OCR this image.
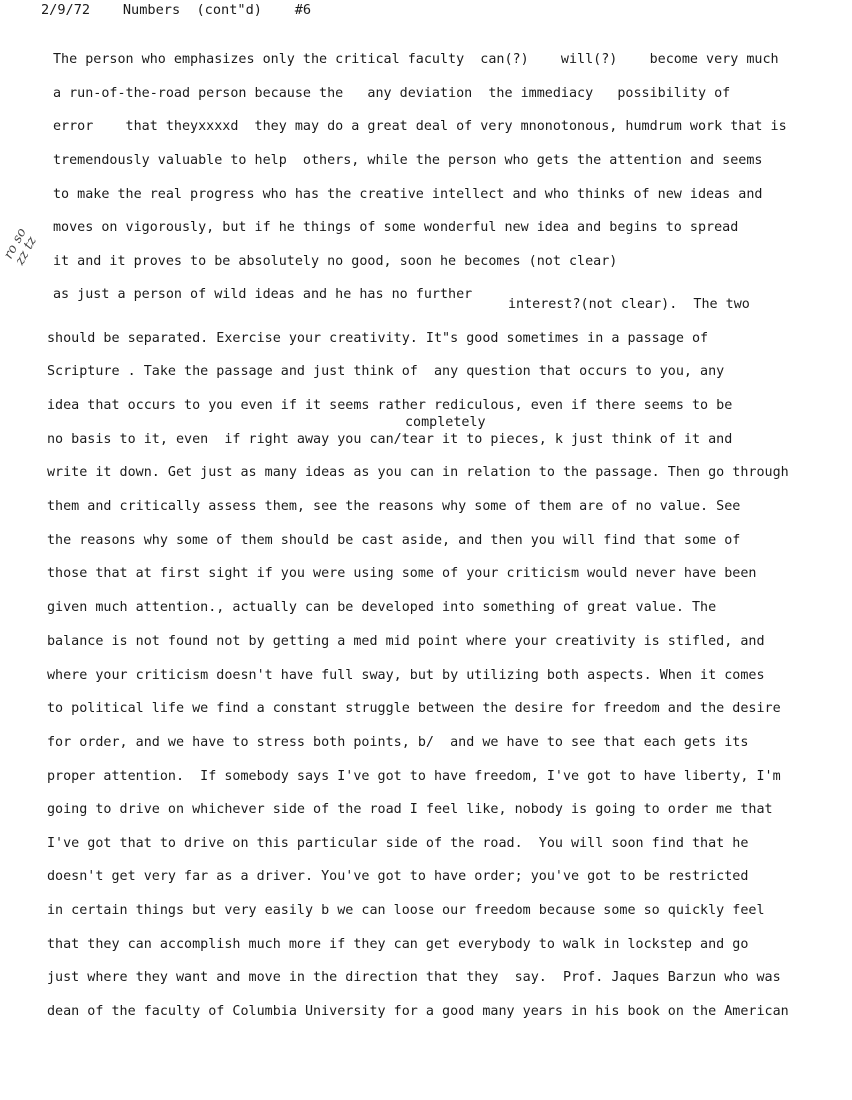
2/9/72    Numbers  (cont"d)    #6
ro so
zz tz
The person who emphasizes only the critical faculty  can(?)    will(?)    become very much
a run-of-the-road person because the   any deviation  the immediacy   possibility of
error    that theyxxxxd  they may do a great deal of very mnonotonous, humdrum work that is
tremendously valuable to help  others, while the person who gets the attention and seems
to make the real progress who has the creative intellect and who thinks of new ideas and
moves on vigorously, but if he things of some wonderful new idea and begins to spread
it and it proves to be absolutely no good, soon he becomes (not clear)
as just a person of wild ideas and he has no further
interest?(not clear).  The two
should be separated. Exercise your creativity. It"s good sometimes in a passage of
Scripture . Take the passage and just think of  any question that occurs to you, any
idea that occurs to you even if it seems rather rediculous, even if there seems to be
completely
no basis to it, even  if right away you can/tear it to pieces, k just think of it and
write it down. Get just as many ideas as you can in relation to the passage. Then go through
them and critically assess them, see the reasons why some of them are of no value. See
the reasons why some of them should be cast aside, and then you will find that some of
those that at first sight if you were using some of your criticism would never have been
given much attention., actually can be developed into something of great value. The
balance is not found not by getting a med mid point where your creativity is stifled, and
where your criticism doesn't have full sway, but by utilizing both aspects. When it comes
to political life we find a constant struggle between the desire for freedom and the desire
for order, and we have to stress both points, b/  and we have to see that each gets its
proper attention.  If somebody says I've got to have freedom, I've got to have liberty, I'm
going to drive on whichever side of the road I feel like, nobody is going to order me that
I've got that to drive on this particular side of the road.  You will soon find that he
doesn't get very far as a driver. You've got to have order; you've got to be restricted
in certain things but very easily b we can loose our freedom because some so quickly feel
that they can accomplish much more if they can get everybody to walk in lockstep and go
just where they want and move in the direction that they  say.  Prof. Jaques Barzun who was
dean of the faculty of Columbia University for a good many years in his book on the American
